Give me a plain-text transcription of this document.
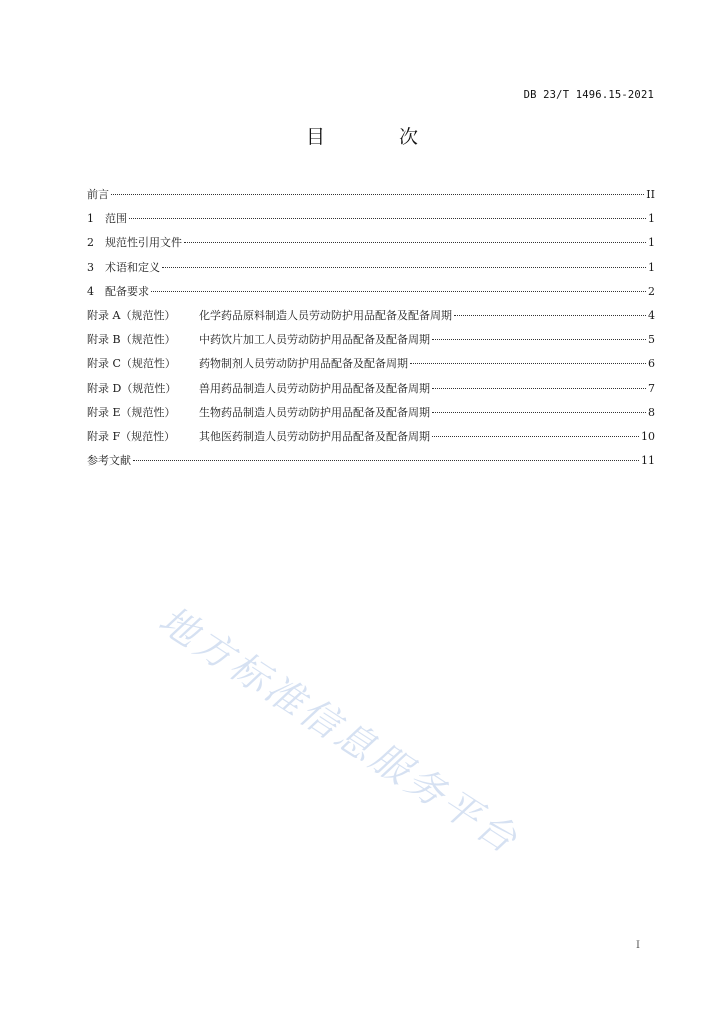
DB 23/T 1496.15-2021
目 次
前言	II
1 范围	1
2 规范性引用文件	1
3 术语和定义	1
4 配备要求	2
附录 A（规范性） 化学药品原料制造人员劳动防护用品配备及配备周期	4
附录 B（规范性） 中药饮片加工人员劳动防护用品配备及配备周期	5
附录 C（规范性） 药物制剂人员劳动防护用品配备及配备周期	6
附录 D（规范性） 兽用药品制造人员劳动防护用品配备及配备周期	7
附录 E（规范性） 生物药品制造人员劳动防护用品配备及配备周期	8
附录 F（规范性） 其他医药制造人员劳动防护用品配备及配备周期	10
参考文献	11
地方标准信息服务平台
I
